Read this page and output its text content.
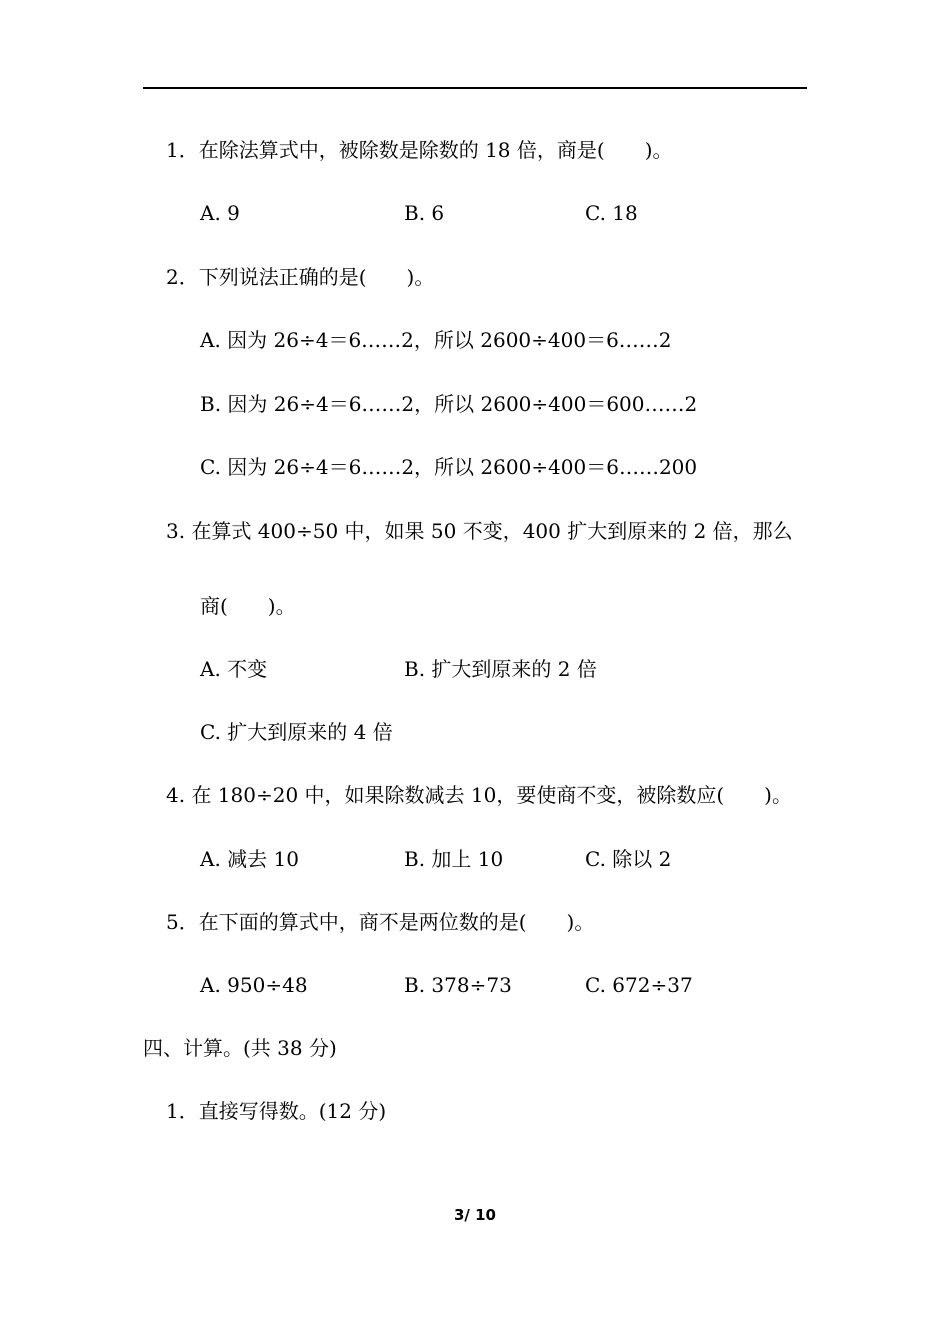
1．在除法算式中，被除数是除数的 18 倍，商是(　　)。
A. 9	B. 6	C. 18
2．下列说法正确的是(　　)。
A. 因为 26÷4＝6……2，所以 2600÷400＝6……2
B. 因为 26÷4＝6……2，所以 2600÷400＝600……2
C. 因为 26÷4＝6……2，所以 2600÷400＝6……200
3. 在算式 400÷50 中，如果 50 不变，400 扩大到原来的 2 倍，那么
商(　　)。
A. 不变	B. 扩大到原来的 2 倍
C. 扩大到原来的 4 倍
4. 在 180÷20 中，如果除数减去 10，要使商不变，被除数应(　　)。
A. 减去 10	B. 加上 10	C. 除以 2
5．在下面的算式中，商不是两位数的是(　　)。
A. 950÷48	B. 378÷73	C. 672÷37
四、计算。(共 38 分)
1．直接写得数。(12 分)
3/ 10
